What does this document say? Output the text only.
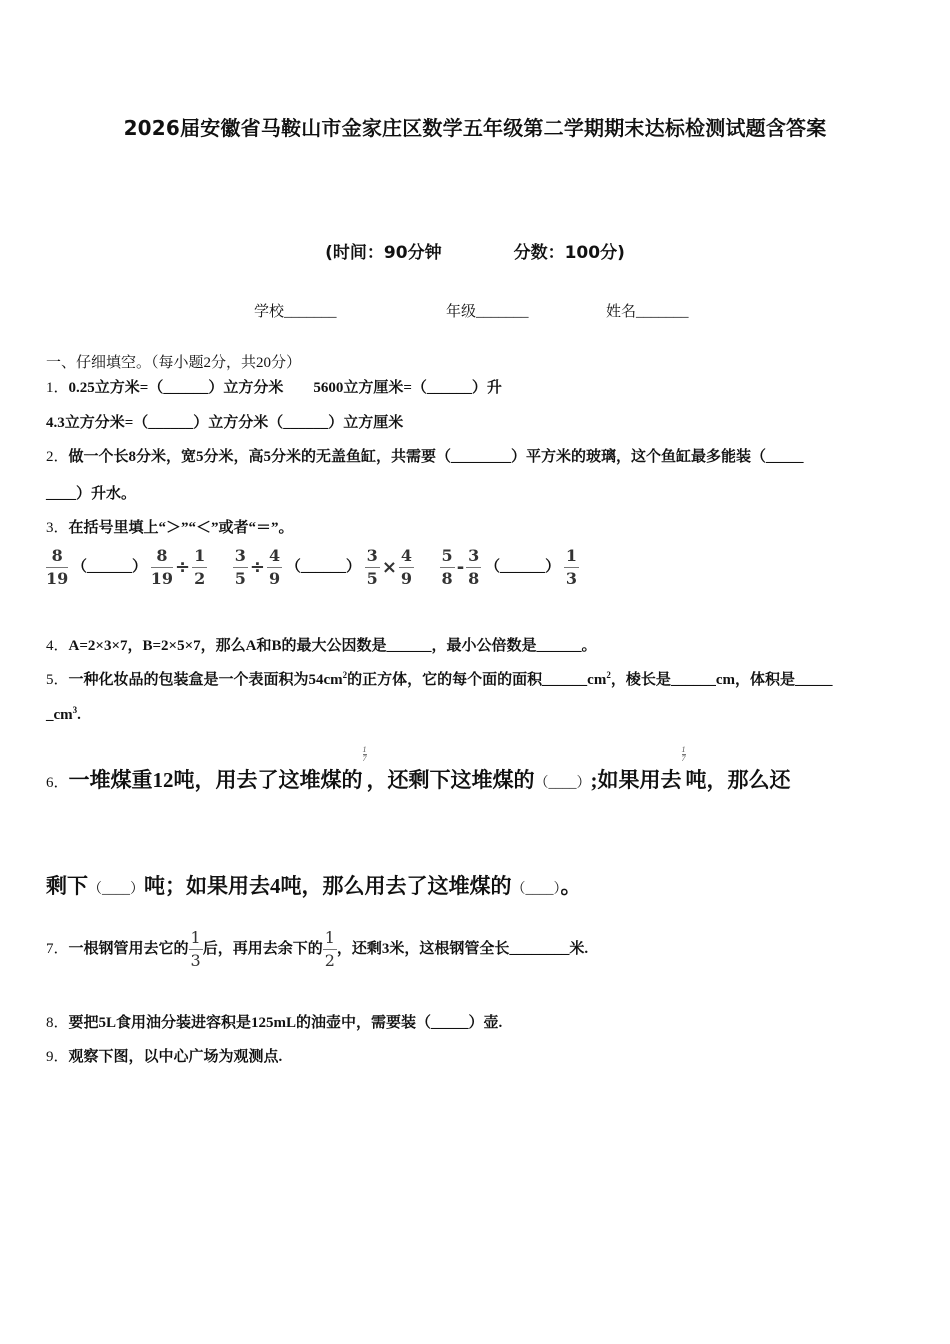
2026届安徽省马鞍山市金家庄区数学五年级第二学期期末达标检测试题含答案
(时间：90分钟	分数：100分)
学校_______	年级_______	姓名_______
一、仔细填空。（每小题2分，共20分）
1．0.25立方米=（______）立方分米 5600立方厘米=（______）升
4.3立方分米=（______）立方分米（______）立方厘米
2．做一个长8分米，宽5分米，高5分米的无盖鱼缸，共需要（________）平方米的玻璃，这个鱼缸最多能装（_____
____）升水。
3．在括号里填上“＞”“＜”或者“＝”。
$\frac{8}{19}$ （______） $\frac{8}{19} \div \frac{1}{2}$
$\frac{3}{5} \div \frac{4}{9}$ （______） $\frac{3}{5} \times \frac{4}{9}$
$\frac{5}{8} - \frac{3}{8}$ （______） $\frac{1}{3}$
4．A=2×3×7，B=2×5×7，那么A和B的最大公因数是______，最小公倍数是______。
5．一种化妆品的包装盒是一个表面积为$54cm^2$的正方体，它的每个面的面积$\_\_\_\_\_\_cm^2$，棱长是______cm，体积是_____
$\_cm^3$.
6．一堆煤重12吨，用去了这堆煤的
$\frac{1}{7}$
，还剩下这堆煤的（____）;如果用去
$\frac{1}{7}$
吨，那么还
剩下（____）吨；如果用去4吨，那么用去了这堆煤的（____）。
7．一根钢管用去它的 $\frac{1}{3}$ 后，再用去余下的 $\frac{1}{2}$ ，还剩3米，这根钢管全长________米.
8．要把5L食用油分装进容积是125mL的油壶中，需要装（_____）壶.
9．观察下图，以中心广场为观测点.
